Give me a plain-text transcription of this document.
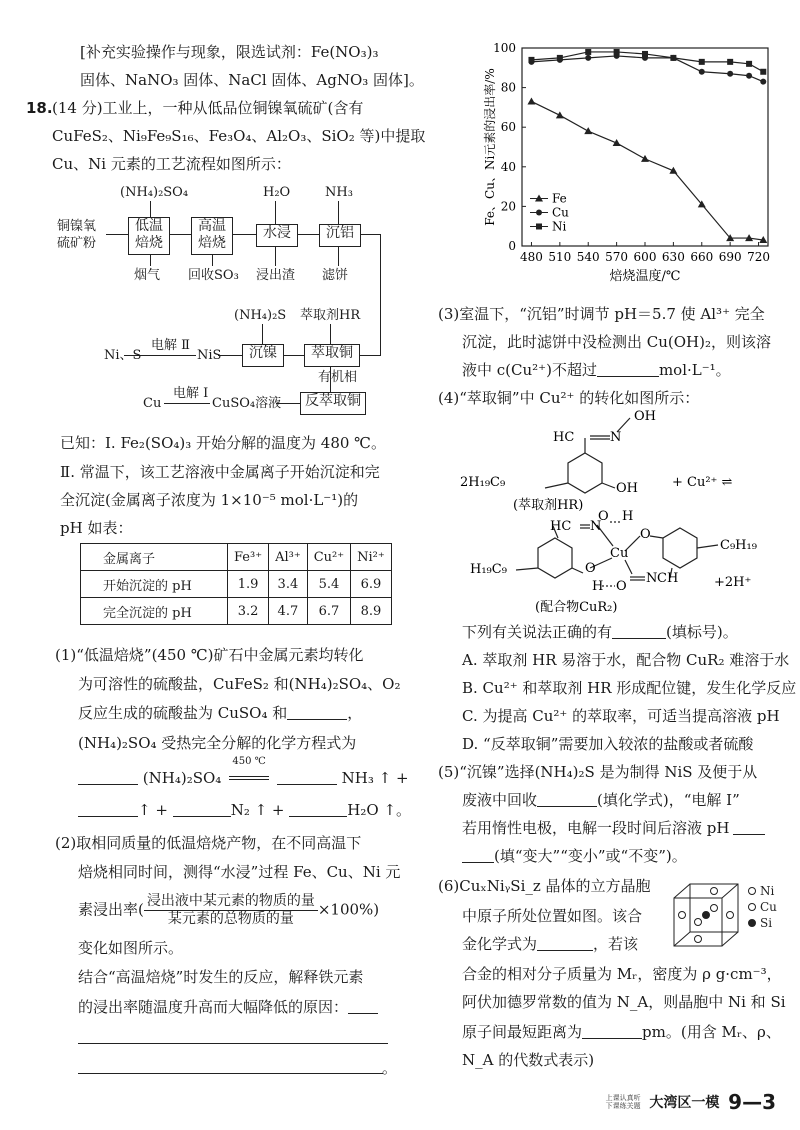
[补充实验操作与现象，限选试剂：Fe(NO₃)₃
固体、NaNO₃ 固体、NaCl 固体、AgNO₃ 固体]。
18. (14 分)工业上，一种从低品位铜镍氧硫矿(含有
CuFeS₂、Ni₉Fe₉S₁₆、Fe₃O₄、Al₂O₃、SiO₂ 等)中提取
Cu、Ni 元素的工艺流程如图所示：
铜镍氧
硫矿粉
(NH₄)₂SO₄
低温
焙烧
烟气
高温
焙烧
回收SO₃
H₂O
水浸
浸出渣
NH₃
沉铝
滤饼
(NH₄)₂S 萃取剂HR
萃取铜
沉镍
NiS
电解 Ⅱ
Ni、S
有机相
反萃取铜
CuSO₄溶液
电解 Ⅰ
Cu
已知：Ⅰ. Fe₂(SO₄)₃ 开始分解的温度为 480 ℃。
Ⅱ. 常温下，该工艺溶液中金属离子开始沉淀和完
全沉淀(金属离子浓度为 1×10⁻⁵ mol·L⁻¹)的
pH 如表：
金属离子	Fe³⁺	Al³⁺	Cu²⁺	Ni²⁺
开始沉淀的 pH	1.9	3.4	5.4	6.9
完全沉淀的 pH	3.2	4.7	6.7	8.9
(1)“低温焙烧”(450 ℃)矿石中金属元素均转化
为可溶性的硫酸盐，CuFeS₂ 和(NH₄)₂SO₄、O₂
反应生成的硫酸盐为 CuSO₄ 和	，
(NH₄)₂SO₄ 受热完全分解的化学方程式为
(NH₄)₂SO₄
450 ℃
NH₃ ↑ +
↑ +	N₂ ↑ +	H₂O ↑。
(2)取相同质量的低温焙烧产物，在不同高温下
焙烧相同时间，测得“水浸”过程 Fe、Cu、Ni 元
素浸出率( $\frac{\text{浸出液中某元素的物质的量}}{\text{某元素的总物质的量}} \times 100\%$)
变化如图所示。
结合“高温焙烧”时发生的反应，解释铁元素
的浸出率随温度升高而大幅降低的原因：
。
0
20
40
60
80
100
480 510 540 570 600 630 660 690 720
Fe
Cu
Ni
焙烧温度/℃
Fe、Cu、Ni元素的浸出率/%
(3)室温下，“沉铝”时调节 pH＝5.7 使 Al³⁺ 完全
沉淀，此时滤饼中没检测出 Cu(OH)₂，则该溶
液中 c(Cu²⁺)不超过	mol·L⁻¹。
(4)“萃取铜”中 Cu²⁺ 的转化如图所示：
2H₁₉C₉
HC	N
OH
OH
(萃取剂HR)
+ Cu²⁺ ⇌
HC N
O H
Cu
O
O
H O
N CH
C₉H₁₉
H₁₉C₉
+2H⁺
(配合物CuR₂)
下列有关说法正确的有	(填标号)。
A. 萃取剂 HR 易溶于水，配合物 CuR₂ 难溶于水
B. Cu²⁺ 和萃取剂 HR 形成配位键，发生化学反应
C. 为提高 Cu²⁺ 的萃取率，可适当提高溶液 pH
D. “反萃取铜”需要加入较浓的盐酸或者硫酸
(5)“沉镍”选择(NH₄)₂S 是为制得 NiS 及便于从
废液中回收	(填化学式)，“电解 Ⅰ”
若用惰性电极，电解一段时间后溶液 pH
(填“变大”“变小”或“不变”)。
(6)CuₓNiᵧSi_z 晶体的立方晶胞
中原子所处位置如图。该合
金化学式为	，若该
合金的相对分子质量为 Mᵣ，密度为 ρ g·cm⁻³，
阿伏加德罗常数的值为 N_A，则晶胞中 Ni 和 Si
原子间最短距离为	pm。(用含 Mᵣ、ρ、
N_A 的代数式表示)
Ni
Cu
Si
上课认真听
下课练关题 大湾区一模 9—3
